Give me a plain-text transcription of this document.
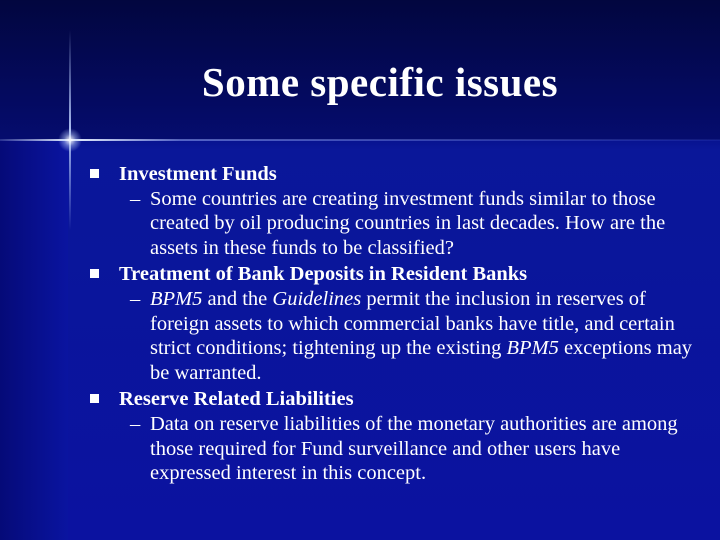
Some specific issues
Investment Funds
– Some countries are creating investment funds similar to those created by oil producing countries in last decades. How are the assets in these funds to be classified?
Treatment of Bank Deposits in Resident Banks
– BPM5 and the Guidelines permit the inclusion in reserves of foreign assets to which commercial banks have title, and certain strict conditions; tightening up the existing BPM5 exceptions may be warranted.
Reserve Related Liabilities
– Data on reserve liabilities of the monetary authorities are among those required for Fund surveillance and other users have expressed interest in this concept.
